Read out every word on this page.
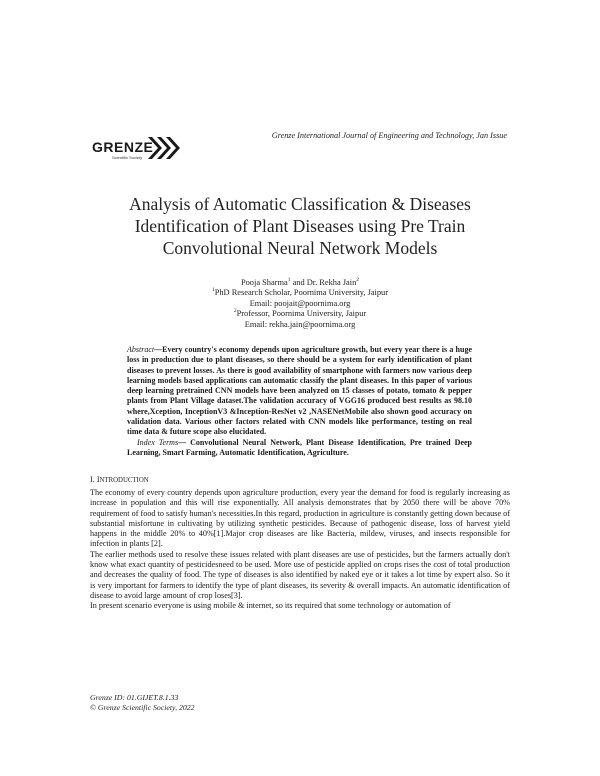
Grenze International Journal of Engineering and Technology, Jan Issue
GRENZE
Scientific Society
Analysis of Automatic Classification & Diseases
Identification of Plant Diseases using Pre Train
Convolutional Neural Network Models
Pooja Sharma$^1$ and Dr. Rekha Jain$^2$
$^1$PhD Research Scholar, Poornima University, Jaipur
Email: poojait@poornima.org
$^2$Professor, Poornima University, Jaipur
Email: rekha.jain@poornima.org
Abstract—Every country's economy depends upon agriculture growth, but every year there is a huge loss in production due to plant diseases, so there should be a system for early identification of plant diseases to prevent losses. As there is good availability of smartphone with farmers now various deep learning models based applications can automatic classify the plant diseases. In this paper of various deep learning pretrained CNN models have been analyzed on 15 classes of potato, tomato & pepper plants from Plant Village dataset.The validation accuracy of VGG16 produced best results as 98.10 where,Xception, InceptionV3 &Inception-ResNet v2 ,NASENetMobile also shown good accuracy on validation data. Various other factors related with CNN models like performance, testing on real time data & future scope also elucidated.
Index Terms— Convolutional Neural Network, Plant Disease Identification, Pre trained Deep Learning, Smart Farming, Automatic Identification, Agriculture.
I. INTRODUCTION

The economy of every country depends upon agriculture production, every year the demand for food is regularly increasing as increase in population and this will rise exponentially. All analysis demonstrates that by 2050 there will be above 70% requirement of food to satisfy human's necessities.In this regard, production in agriculture is constantly getting down because of substantial misfortune in cultivating by utilizing synthetic pesticides. Because of pathogenic disease, loss of harvest yield happens in the middle 20% to 40%[1].Major crop diseases are like Bacteria, mildew, viruses, and insects responsible for infection in plants [2].

The earlier methods used to resolve these issues related with plant diseases are use of pesticides, but the farmers actually don't know what exact quantity of pesticidesneed to be used. More use of pesticide applied on crops rises the cost of total production and decreases the quality of food. The type of diseases is also identified by naked eye or it takes a lot time by expert also. So it is very important for farmers to identify the type of plant diseases, its severity & overall impacts. An automatic identification of disease to avoid large amount of crop loses[3].

In present scenario everyone is using mobile & internet, so its required that some technology or automation of

Grenze ID: 01.GIJET.8.1.33
© Grenze Scientific Society, 2022
